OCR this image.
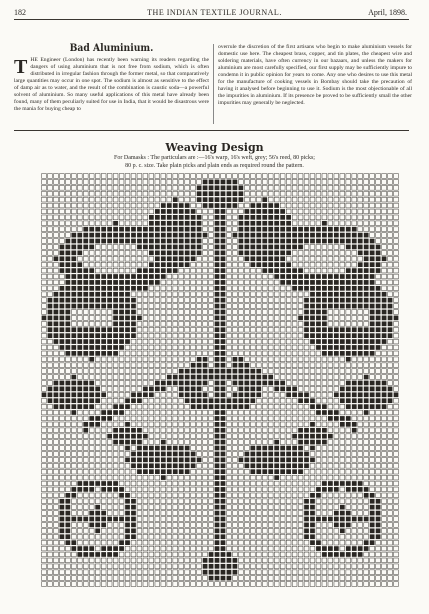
182	THE INDIAN TEXTILE JOURNAL.	April, 1898.
Bad Aluminium.
THE Engineer (London) has recently been warning its readers regarding the dangers of using aluminium that is not free from sodium, which is often distributed in irregular fashion through the former metal, so that comparatively large quantities may occur in one spot. The sodium is almost as sensitive to the effect of damp air as to water, and the result of the combination is caustic soda—a powerful solvent of aluminium. So many useful applications of this metal have already been found, many of them peculiarly suited for use in India, that it would be disastrous were the mania for buying cheap to
overrule the discretion of the first artisans who begin to make aluminium vessels for domestic use here. The cheapest brass, copper, and tin plates, the cheapest wire and soldering materials, have often currency in our bazaars, and unless the makers for aluminium are most carefully specified, our first supply may be sufficiently impure to condemn it in public opinion for years to come. Any one who desires to use this metal for the manufacture of cooking vessels in Bombay should take the precaution of having it analysed before beginning to use it. Sodium is the most objectionable of all the impurities in aluminium. If its presence be proved to be sufficiently small the other impurities may generally be neglected.
Weaving Design
For Damasks : The particulars are :—16's warp, 16's weft, grey; 56's reed, 80 picks;
80 p. c. size. Take plain picks and plain ends as required round the pattern.
